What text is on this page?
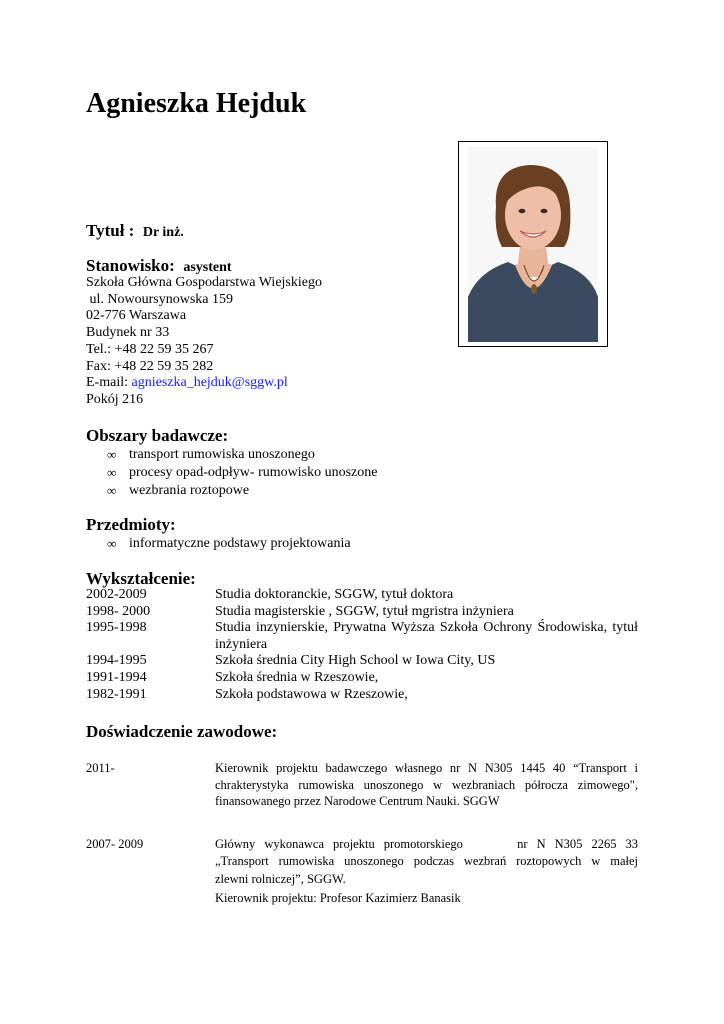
Agnieszka Hejduk
Tytuł : Dr inż.
Stanowisko: asystent
Szkoła Główna Gospodarstwa Wiejskiego
ul. Nowoursynowska 159
02-776 Warszawa
Budynek nr 33
Tel.: +48 22 59 35 267
Fax: +48 22 59 35 282
E-mail: agnieszka_hejduk@sggw.pl
Pokój 216
Obszary badawcze:
∞ transport rumowiska unoszonego
∞ procesy opad-odpływ- rumowisko unoszone
∞ wezbrania roztopowe
Przedmioty:
∞ informatyczne podstawy projektowania
Wykształcenie:
2002-2009	Studia doktoranckie, SGGW, tytuł doktora
1998- 2000	Studia magisterskie , SGGW, tytuł mgristra inżyniera
1995-1998	Studia inzynierskie, Prywatna Wyższa Szkoła Ochrony Środowiska, tytuł inżyniera
1994-1995	Szkoła średnia City High School w Iowa City, US
1991-1994	Szkoła średnia w Rzeszowie,
1982-1991	Szkoła podstawowa w Rzeszowie,
Doświadczenie zawodowe:
2011-	Kierownik projektu badawczego własnego nr N N305 1445 40 “Transport i
chrakterystyka rumowiska unoszonego w wezbraniach półrocza zimowego",
finansowanego przez Narodowe Centrum Nauki. SGGW
2007- 2009	Główny wykonawca projektu promotorskiego      nr N N305 2265 33
„Transport rumowiska unoszonego podczas wezbrań roztopowych w małej
zlewni rolniczej”, SGGW.
Kierownik projektu: Profesor Kazimierz Banasik
